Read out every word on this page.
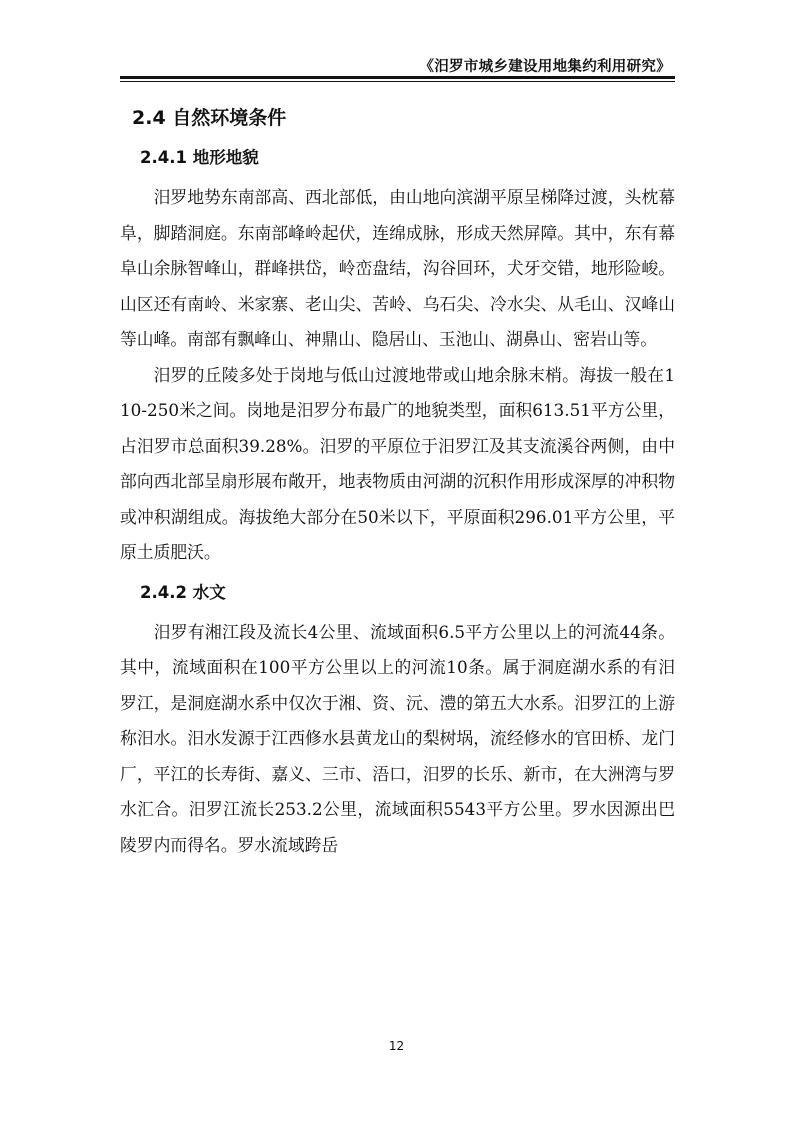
《汨罗市城乡建设用地集约利用研究》
2.4 自然环境条件
2.4.1 地形地貌

汨罗地势东南部高、西北部低，由山地向滨湖平原呈梯降过渡，头枕幕阜，脚踏洞庭。东南部峰岭起伏，连绵成脉，形成天然屏障。其中，东有幕阜山余脉智峰山，群峰拱岱，岭峦盘结，沟谷回环，犬牙交错，地形险峻。山区还有南岭、米家寨、老山尖、苦岭、乌石尖、冷水尖、从毛山、汉峰山等山峰。南部有飘峰山、神鼎山、隐居山、玉池山、湖鼻山、密岩山等。

汨罗的丘陵多处于岗地与低山过渡地带或山地余脉末梢。海拔一般在110-250米之间。岗地是汨罗分布最广的地貌类型，面积613.51平方公里，占汨罗市总面积39.28%。汨罗的平原位于汨罗江及其支流溪谷两侧，由中部向西北部呈扇形展布敞开，地表物质由河湖的沉积作用形成深厚的冲积物或冲积湖组成。海拔绝大部分在50米以下，平原面积296.01平方公里，平原土质肥沃。

2.4.2 水文

汨罗有湘江段及流长4公里、流域面积6.5平方公里以上的河流44条。其中，流域面积在100平方公里以上的河流10条。属于洞庭湖水系的有汨罗江，是洞庭湖水系中仅次于湘、资、沅、澧的第五大水系。汨罗江的上游称汨水。汨水发源于江西修水县黄龙山的梨树埚，流经修水的官田桥、龙门厂，平江的长寿街、嘉义、三市、浯口，汨罗的长乐、新市，在大洲湾与罗水汇合。汨罗江流长253.2公里，流域面积5543平方公里。罗水因源出巴陵罗内而得名。罗水流域跨岳

12
